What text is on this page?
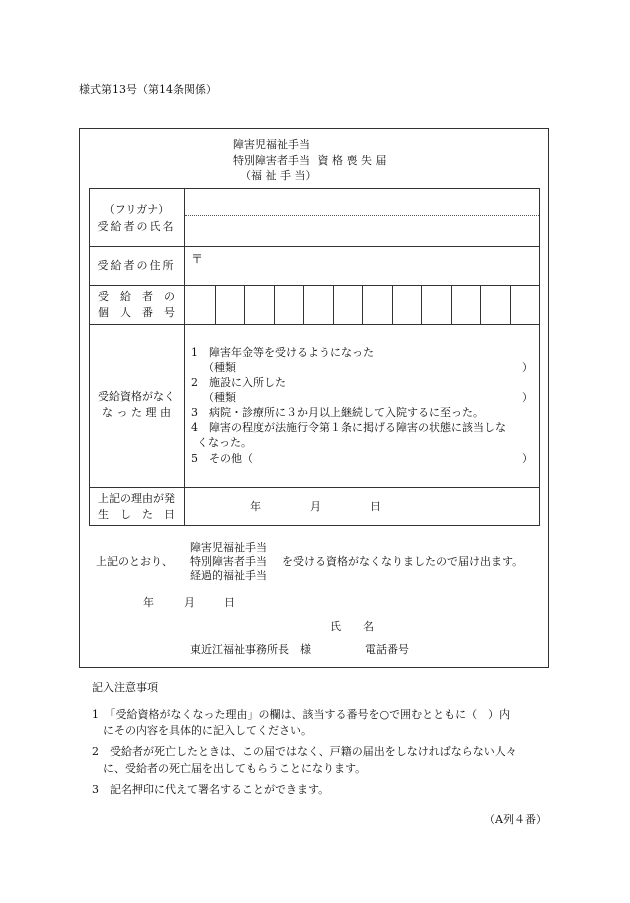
様式第13号（第14条関係）
障害児福祉手当
特別障害者手当 資 格 喪 失 届
（福 祉 手 当）
（フリガナ）
受給者の氏名
受給者の住所	〒
受　給　者　の
個　人　番　号
受給資格がなく
な っ た 理 由
1　障害年金等を受けるようになった
（種類	）
2　施設に入所した
（種類	）
3　病院・診療所に３か月以上継続して入院するに至った。
4　障害の程度が法施行令第１条に掲げる障害の状態に該当しな
くなった。
5　その他（	）
上記の理由が発
生　し　た　日
年	月	日
上記のとおり、
障害児福祉手当
特別障害者手当
経過的福祉手当
を受ける資格がなくなりましたので届け出ます。
年	月	日
氏　　名
東近江福祉事務所長　様	電話番号
記入注意事項
1　「受給資格がなくなった理由」の欄は、該当する番号を○で囲むとともに（　）内
にその内容を具体的に記入してください。
2　受給者が死亡したときは、この届ではなく、戸籍の届出をしなければならない人々
に、受給者の死亡届を出してもらうことになります。
3　記名押印に代えて署名することができます。
（A列４番）
